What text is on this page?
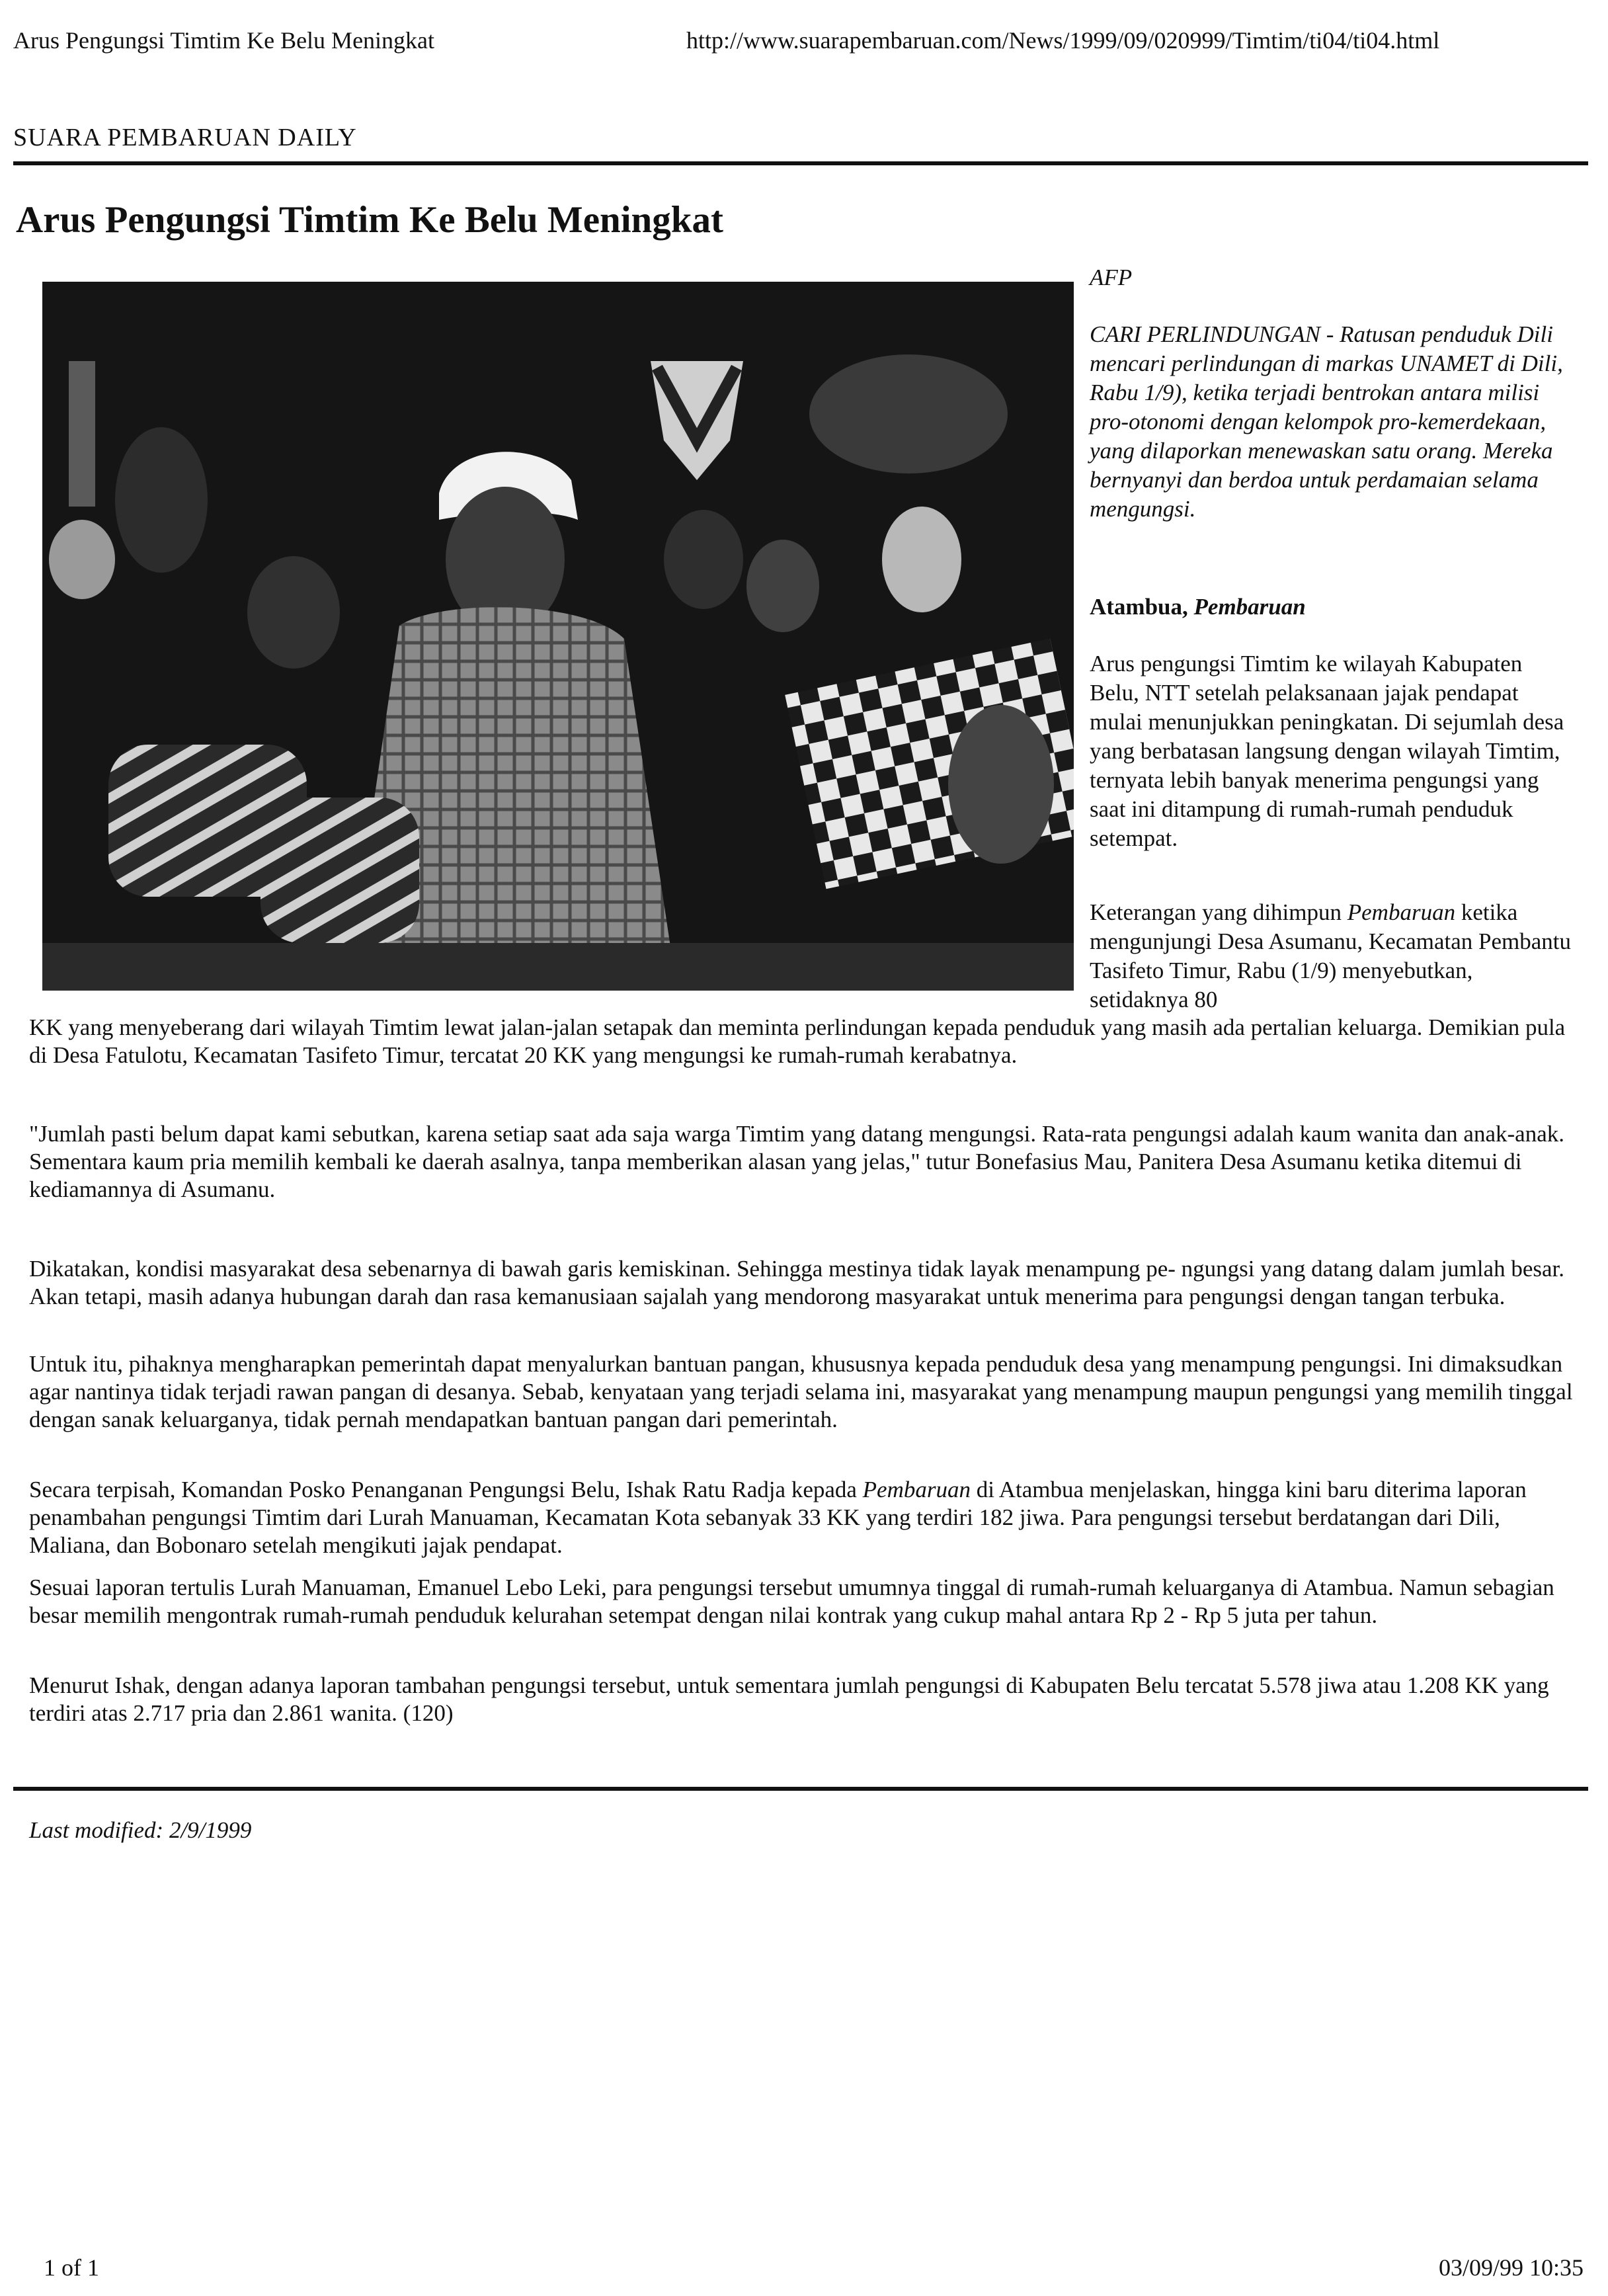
Arus Pengungsi Timtim Ke Belu Meningkat	http://www.suarapembaruan.com/News/1999/09/020999/Timtim/ti04/ti04.html
SUARA PEMBARUAN DAILY
Arus Pengungsi Timtim Ke Belu Meningkat
AFP
CARI PERLINDUNGAN - Ratusan penduduk Dili mencari perlindungan di markas UNAMET di Dili, Rabu 1/9), ketika terjadi bentrokan antara milisi pro-otonomi dengan kelompok pro-kemerdekaan, yang dilaporkan menewaskan satu orang. Mereka bernyanyi dan berdoa untuk perdamaian selama mengungsi.
Atambua, Pembaruan
Arus pengungsi Timtim ke wilayah Kabupaten Belu, NTT setelah pelaksanaan jajak pendapat mulai menunjukkan peningkatan. Di sejumlah desa yang berbatasan langsung dengan wilayah Timtim, ternyata lebih banyak menerima pengungsi yang saat ini ditampung di rumah-rumah penduduk setempat.
Keterangan yang dihimpun Pembaruan ketika mengunjungi Desa Asumanu, Kecamatan Pembantu Tasifeto Timur, Rabu (1/9) menyebutkan, setidaknya 80
KK yang menyeberang dari wilayah Timtim lewat jalan-jalan setapak dan meminta perlindungan kepada penduduk yang masih ada pertalian keluarga. Demikian pula di Desa Fatulotu, Kecamatan Tasifeto Timur, tercatat 20 KK yang mengungsi ke rumah-rumah kerabatnya.
"Jumlah pasti belum dapat kami sebutkan, karena setiap saat ada saja warga Timtim yang datang mengungsi. Rata-rata pengungsi adalah kaum wanita dan anak-anak. Sementara kaum pria memilih kembali ke daerah asalnya, tanpa memberikan alasan yang jelas," tutur Bonefasius Mau, Panitera Desa Asumanu ketika ditemui di kediamannya di Asumanu.
Dikatakan, kondisi masyarakat desa sebenarnya di bawah garis kemiskinan. Sehingga mestinya tidak layak menampung pe- ngungsi yang datang dalam jumlah besar. Akan tetapi, masih adanya hubungan darah dan rasa kemanusiaan sajalah yang mendorong masyarakat untuk menerima para pengungsi dengan tangan terbuka.
Untuk itu, pihaknya mengharapkan pemerintah dapat menyalurkan bantuan pangan, khususnya kepada penduduk desa yang menampung pengungsi. Ini dimaksudkan agar nantinya tidak terjadi rawan pangan di desanya. Sebab, kenyataan yang terjadi selama ini, masyarakat yang menampung maupun pengungsi yang memilih tinggal dengan sanak keluarganya, tidak pernah mendapatkan bantuan pangan dari pemerintah.
Secara terpisah, Komandan Posko Penanganan Pengungsi Belu, Ishak Ratu Radja kepada Pembaruan di Atambua menjelaskan, hingga kini baru diterima laporan penambahan pengungsi Timtim dari Lurah Manuaman, Kecamatan Kota sebanyak 33 KK yang terdiri 182 jiwa. Para pengungsi tersebut berdatangan dari Dili, Maliana, dan Bobonaro setelah mengikuti jajak pendapat.
Sesuai laporan tertulis Lurah Manuaman, Emanuel Lebo Leki, para pengungsi tersebut umumnya tinggal di rumah-rumah keluarganya di Atambua. Namun sebagian besar memilih mengontrak rumah-rumah penduduk kelurahan setempat dengan nilai kontrak yang cukup mahal antara Rp 2 - Rp 5 juta per tahun.
Menurut Ishak, dengan adanya laporan tambahan pengungsi tersebut, untuk sementara jumlah pengungsi di Kabupaten Belu tercatat 5.578 jiwa atau 1.208 KK yang terdiri atas 2.717 pria dan 2.861 wanita. (120)
Last modified: 2/9/1999
1 of 1	03/09/99 10:35
